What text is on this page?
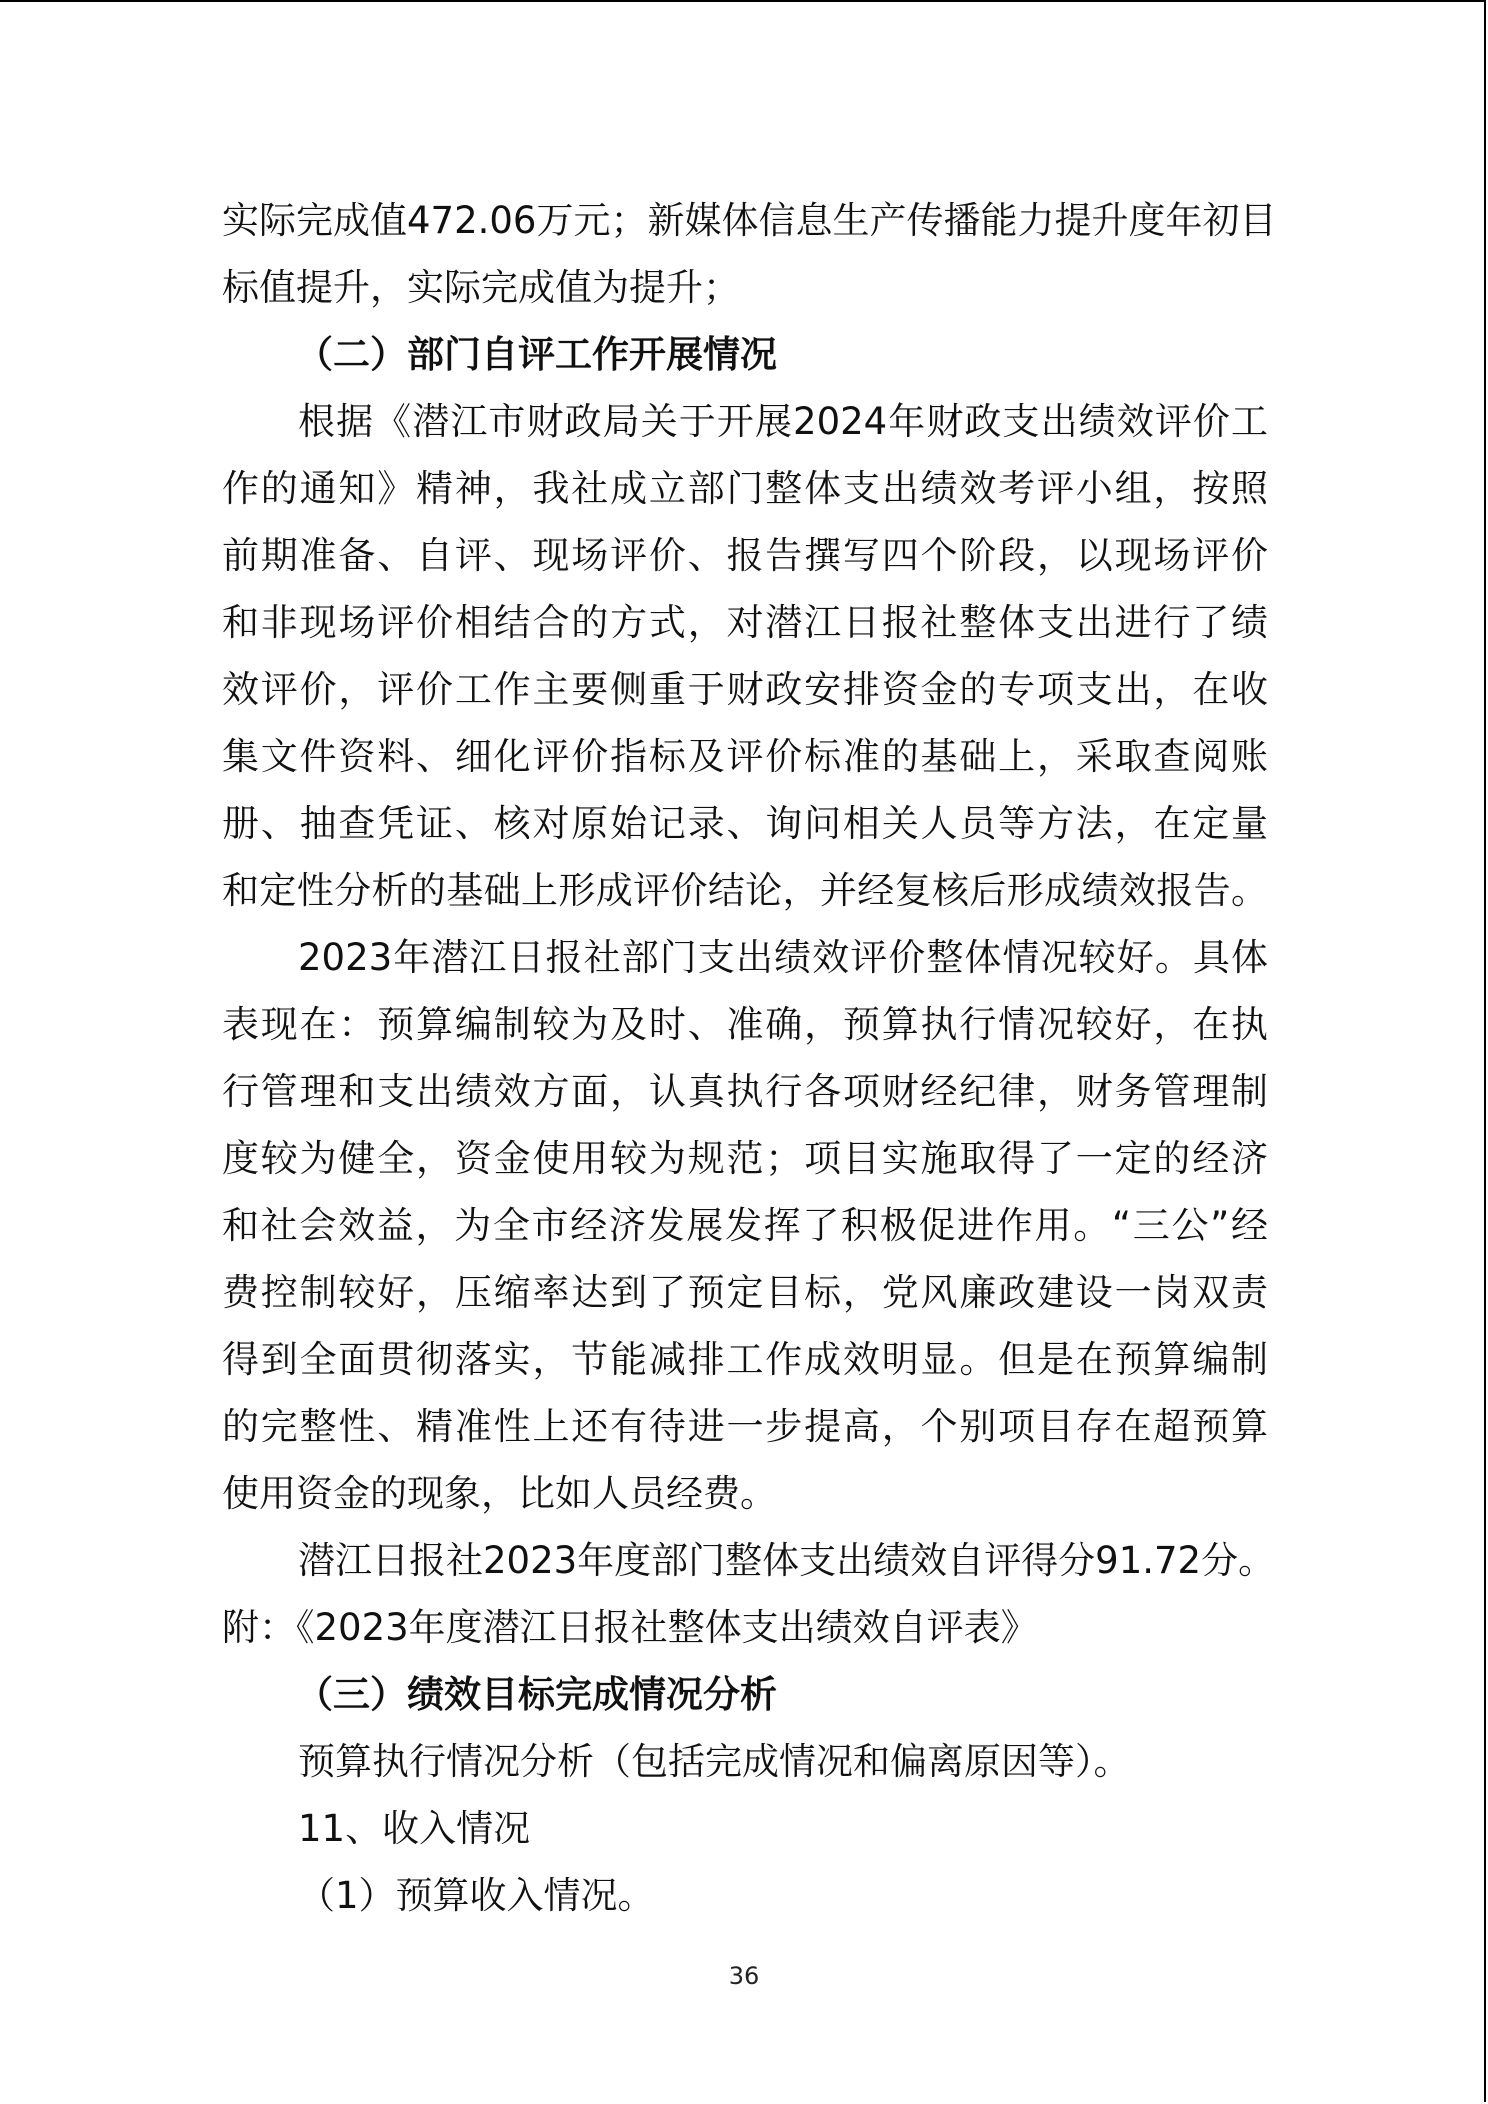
实际完成值472.06万元；新媒体信息生产传播能力提升度年初目
标值提升，实际完成值为提升；
（二）部门自评工作开展情况
根据《潜江市财政局关于开展2024年财政支出绩效评价工
作的通知》精神，我社成立部门整体支出绩效考评小组，按照
前期准备、自评、现场评价、报告撰写四个阶段，以现场评价
和非现场评价相结合的方式，对潜江日报社整体支出进行了绩
效评价，评价工作主要侧重于财政安排资金的专项支出，在收
集文件资料、细化评价指标及评价标准的基础上，采取查阅账
册、抽查凭证、核对原始记录、询问相关人员等方法，在定量
和定性分析的基础上形成评价结论，并经复核后形成绩效报告。
2023年潜江日报社部门支出绩效评价整体情况较好。具体
表现在：预算编制较为及时、准确，预算执行情况较好，在执
行管理和支出绩效方面，认真执行各项财经纪律，财务管理制
度较为健全，资金使用较为规范；项目实施取得了一定的经济
和社会效益，为全市经济发展发挥了积极促进作用。“三公”经
费控制较好，压缩率达到了预定目标，党风廉政建设一岗双责
得到全面贯彻落实，节能减排工作成效明显。但是在预算编制
的完整性、精准性上还有待进一步提高，个别项目存在超预算
使用资金的现象，比如人员经费。
潜江日报社2023年度部门整体支出绩效自评得分91.72分。
附：《2023年度潜江日报社整体支出绩效自评表》
（三）绩效目标完成情况分析
预算执行情况分析（包括完成情况和偏离原因等）。
11、收入情况
（1）预算收入情况。
36
